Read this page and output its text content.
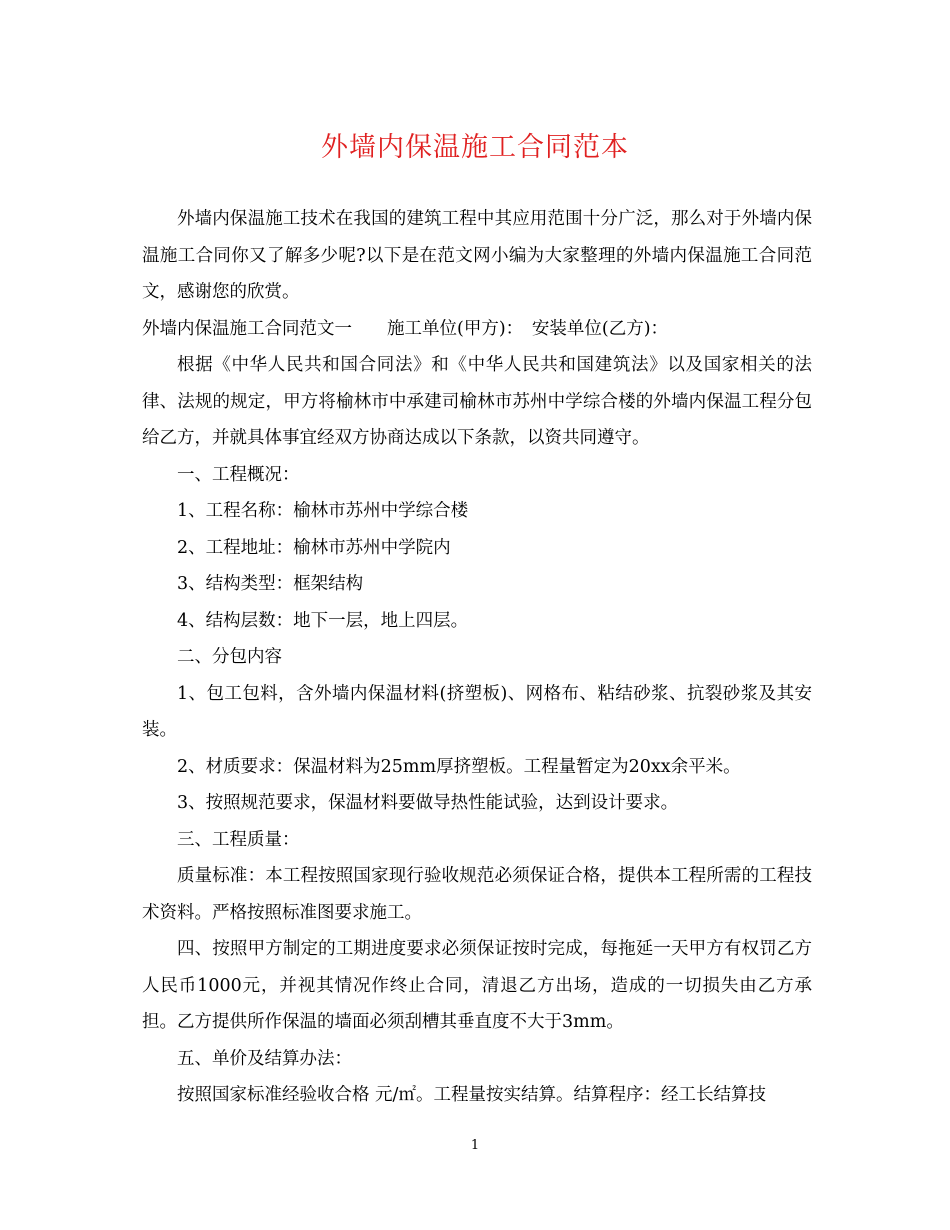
外墙内保温施工合同范本

外墙内保温施工技术在我国的建筑工程中其应用范围十分广泛，那么对于外墙内保温施工合同你又了解多少呢?以下是在范文网小编为大家整理的外墙内保温施工合同范文，感谢您的欣赏。

外墙内保温施工合同范文一　　施工单位(甲方)：　安装单位(乙方)：

根据《中华人民共和国合同法》和《中华人民共和国建筑法》以及国家相关的法律、法规的规定，甲方将榆林市中承建司榆林市苏州中学综合楼的外墙内保温工程分包给乙方，并就具体事宜经双方协商达成以下条款，以资共同遵守。

一、工程概况：

1、工程名称：榆林市苏州中学综合楼

2、工程地址：榆林市苏州中学院内

3、结构类型：框架结构

4、结构层数：地下一层，地上四层。

二、分包内容

1、包工包料，含外墙内保温材料(挤塑板)、网格布、粘结砂浆、抗裂砂浆及其安装。

2、材质要求：保温材料为25mm厚挤塑板。工程量暂定为20xx余平米。

3、按照规范要求，保温材料要做导热性能试验，达到设计要求。

三、工程质量：

质量标准：本工程按照国家现行验收规范必须保证合格，提供本工程所需的工程技术资料。严格按照标准图要求施工。

四、按照甲方制定的工期进度要求必须保证按时完成，每拖延一天甲方有权罚乙方人民币1000元，并视其情况作终止合同，清退乙方出场，造成的一切损失由乙方承担。乙方提供所作保温的墙面必须刮槽其垂直度不大于3mm。

五、单价及结算办法：

按照国家标准经验收合格 元/㎡。工程量按实结算。结算程序：经工长结算技

1
